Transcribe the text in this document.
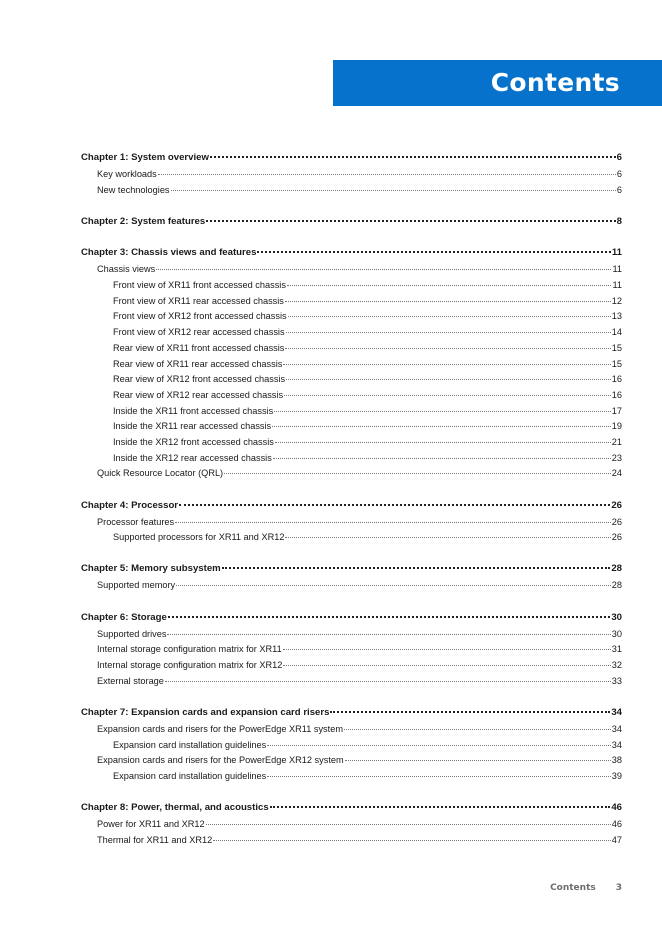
Contents
Chapter 1: System overview	6
Key workloads	6
New technologies	6
Chapter 2: System features	8
Chapter 3: Chassis views and features	11
Chassis views	11
Front view of XR11 front accessed chassis	11
Front view of XR11 rear accessed chassis	12
Front view of XR12 front accessed chassis	13
Front view of XR12 rear accessed chassis	14
Rear view of XR11 front accessed chassis	15
Rear view of XR11 rear accessed chassis	15
Rear view of XR12 front accessed chassis	16
Rear view of XR12 rear accessed chassis	16
Inside the XR11 front accessed chassis	17
Inside the XR11 rear accessed chassis	19
Inside the XR12 front accessed chassis	21
Inside the XR12 rear accessed chassis	23
Quick Resource Locator (QRL)	24
Chapter 4: Processor	26
Processor features	26
Supported processors for XR11 and XR12	26
Chapter 5: Memory subsystem	28
Supported memory	28
Chapter 6: Storage	30
Supported drives	30
Internal storage configuration matrix for XR11	31
Internal storage configuration matrix for XR12	32
External storage	33
Chapter 7: Expansion cards and expansion card risers	34
Expansion cards and risers for the PowerEdge XR11 system	34
Expansion card installation guidelines	34
Expansion cards and risers for the PowerEdge XR12 system	38
Expansion card installation guidelines	39
Chapter 8: Power, thermal, and acoustics	46
Power for XR11 and XR12	46
Thermal for XR11 and XR12	47
Contents 3
